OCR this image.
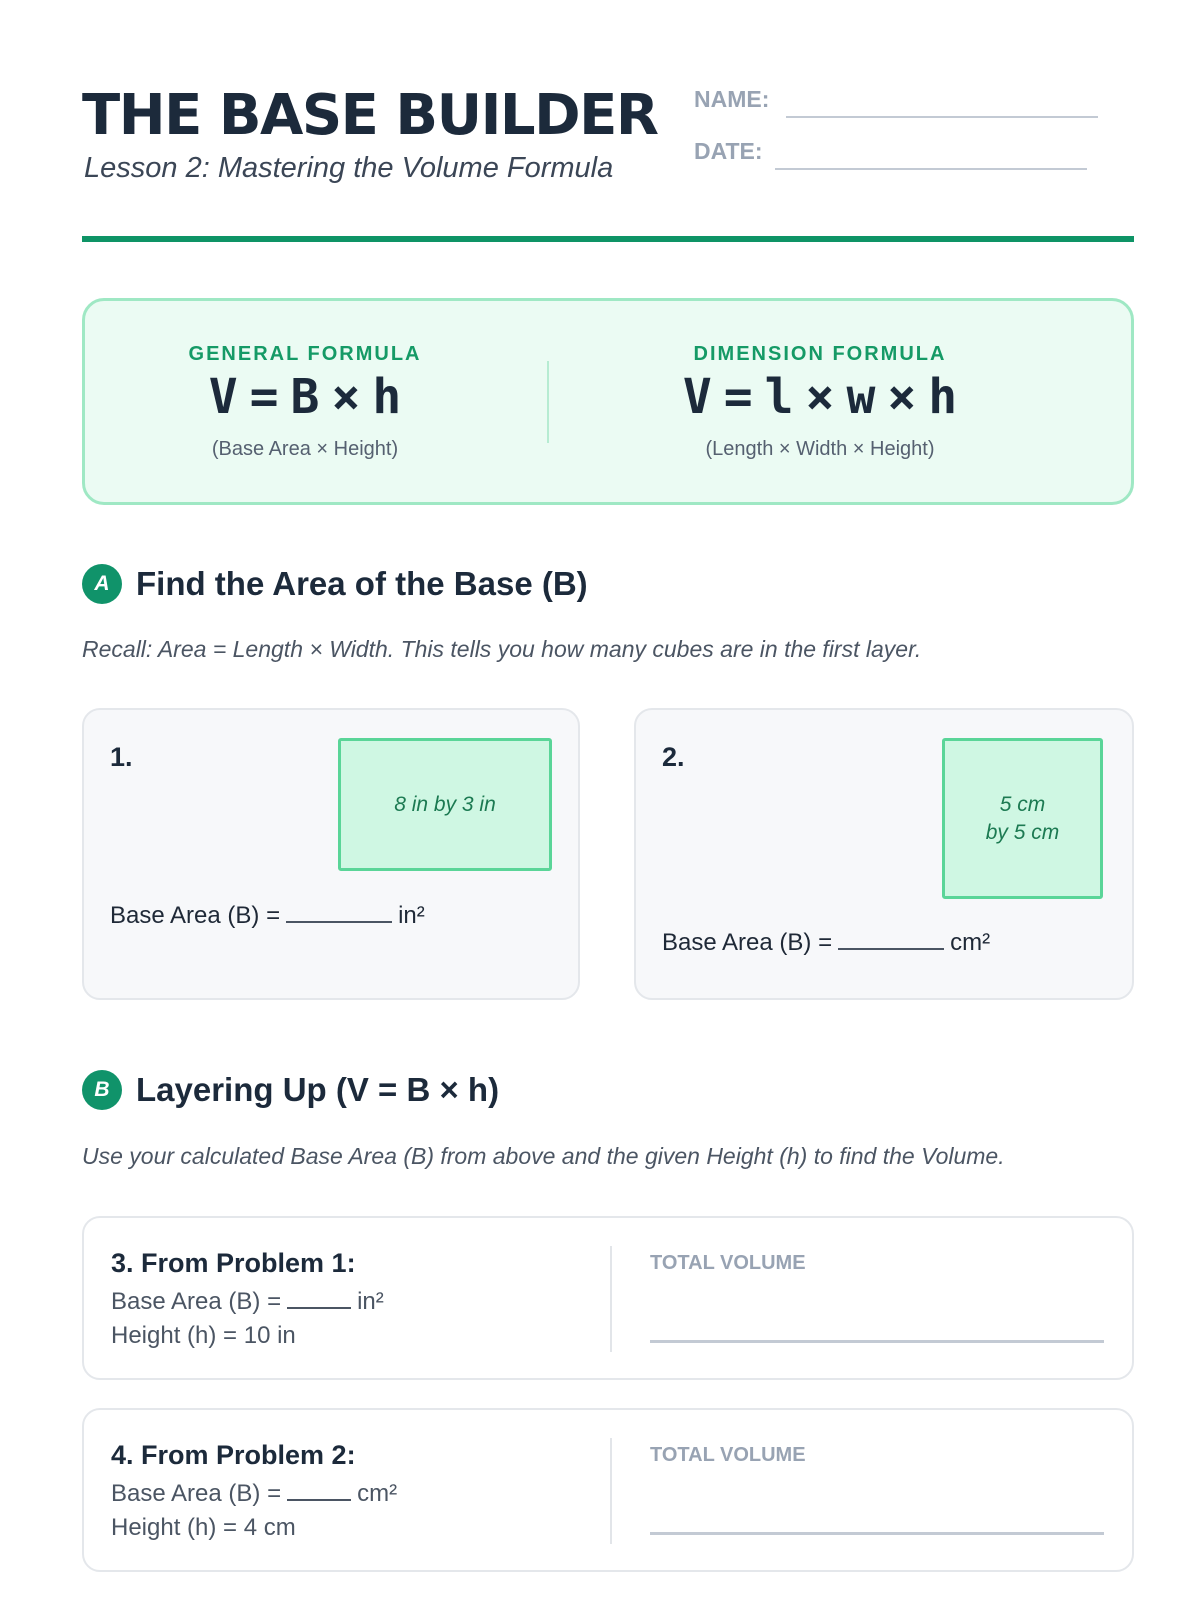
THE BASE BUILDER
Lesson 2: Mastering the Volume Formula
NAME:
DATE:
GENERAL FORMULA
V = B × h
(Base Area × Height)
DIMENSION FORMULA
V = l × w × h
(Length × Width × Height)
A Find the Area of the Base (B)
Recall: Area = Length × Width. This tells you how many cubes are in the first layer.
1.
8 in by 3 in
Base Area (B) =	in²
2.
5 cm
by 5 cm
Base Area (B) =	cm²
B Layering Up (V = B × h)
Use your calculated Base Area (B) from above and the given Height (h) to find the Volume.
3. From Problem 1:
Base Area (B) =	in²
Height (h) = 10 in
TOTAL VOLUME
4. From Problem 2:
Base Area (B) =	cm²
Height (h) = 4 cm
TOTAL VOLUME
